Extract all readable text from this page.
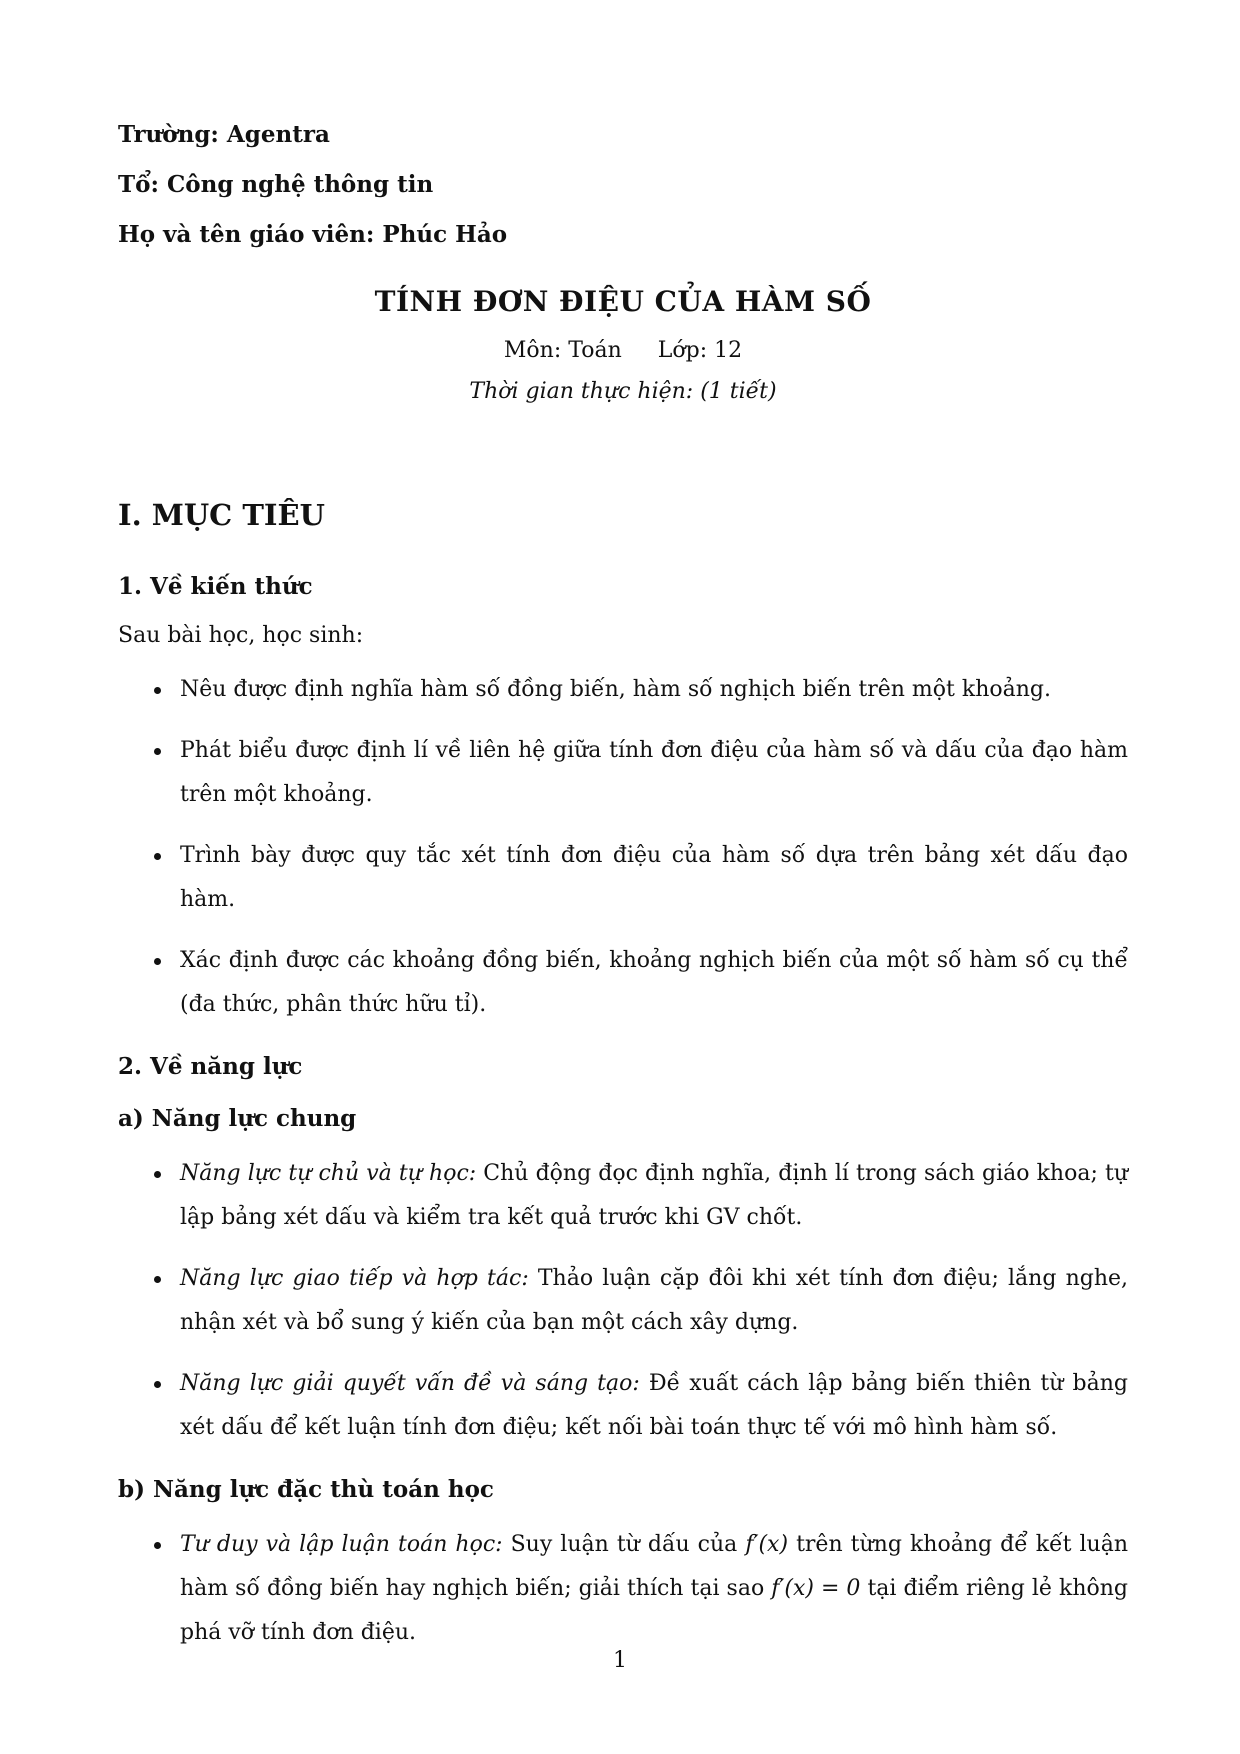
Trường: Agentra

Tổ: Công nghệ thông tin

Họ và tên giáo viên: Phúc Hảo

TÍNH ĐƠN ĐIỆU CỦA HÀM SỐ

Môn: Toán Lớp: 12

Thời gian thực hiện: (1 tiết)

I. MỤC TIÊU
1. Về kiến thức

Sau bài học, học sinh:

Nêu được định nghĩa hàm số đồng biến, hàm số nghịch biến trên một khoảng.
Phát biểu được định lí về liên hệ giữa tính đơn điệu của hàm số và dấu của đạo hàm trên một khoảng.
Trình bày được quy tắc xét tính đơn điệu của hàm số dựa trên bảng xét dấu đạo hàm.
Xác định được các khoảng đồng biến, khoảng nghịch biến của một số hàm số cụ thể (đa thức, phân thức hữu tỉ).
2. Về năng lực
a) Năng lực chung
Năng lực tự chủ và tự học: Chủ động đọc định nghĩa, định lí trong sách giáo khoa; tự lập bảng xét dấu và kiểm tra kết quả trước khi GV chốt.
Năng lực giao tiếp và hợp tác: Thảo luận cặp đôi khi xét tính đơn điệu; lắng nghe, nhận xét và bổ sung ý kiến của bạn một cách xây dựng.
Năng lực giải quyết vấn đề và sáng tạo: Đề xuất cách lập bảng biến thiên từ bảng xét dấu để kết luận tính đơn điệu; kết nối bài toán thực tế với mô hình hàm số.
b) Năng lực đặc thù toán học
Tư duy và lập luận toán học: Suy luận từ dấu của f′(x) trên từng khoảng để kết luận hàm số đồng biến hay nghịch biến; giải thích tại sao f′(x) = 0 tại điểm riêng lẻ không phá vỡ tính đơn điệu.
1
